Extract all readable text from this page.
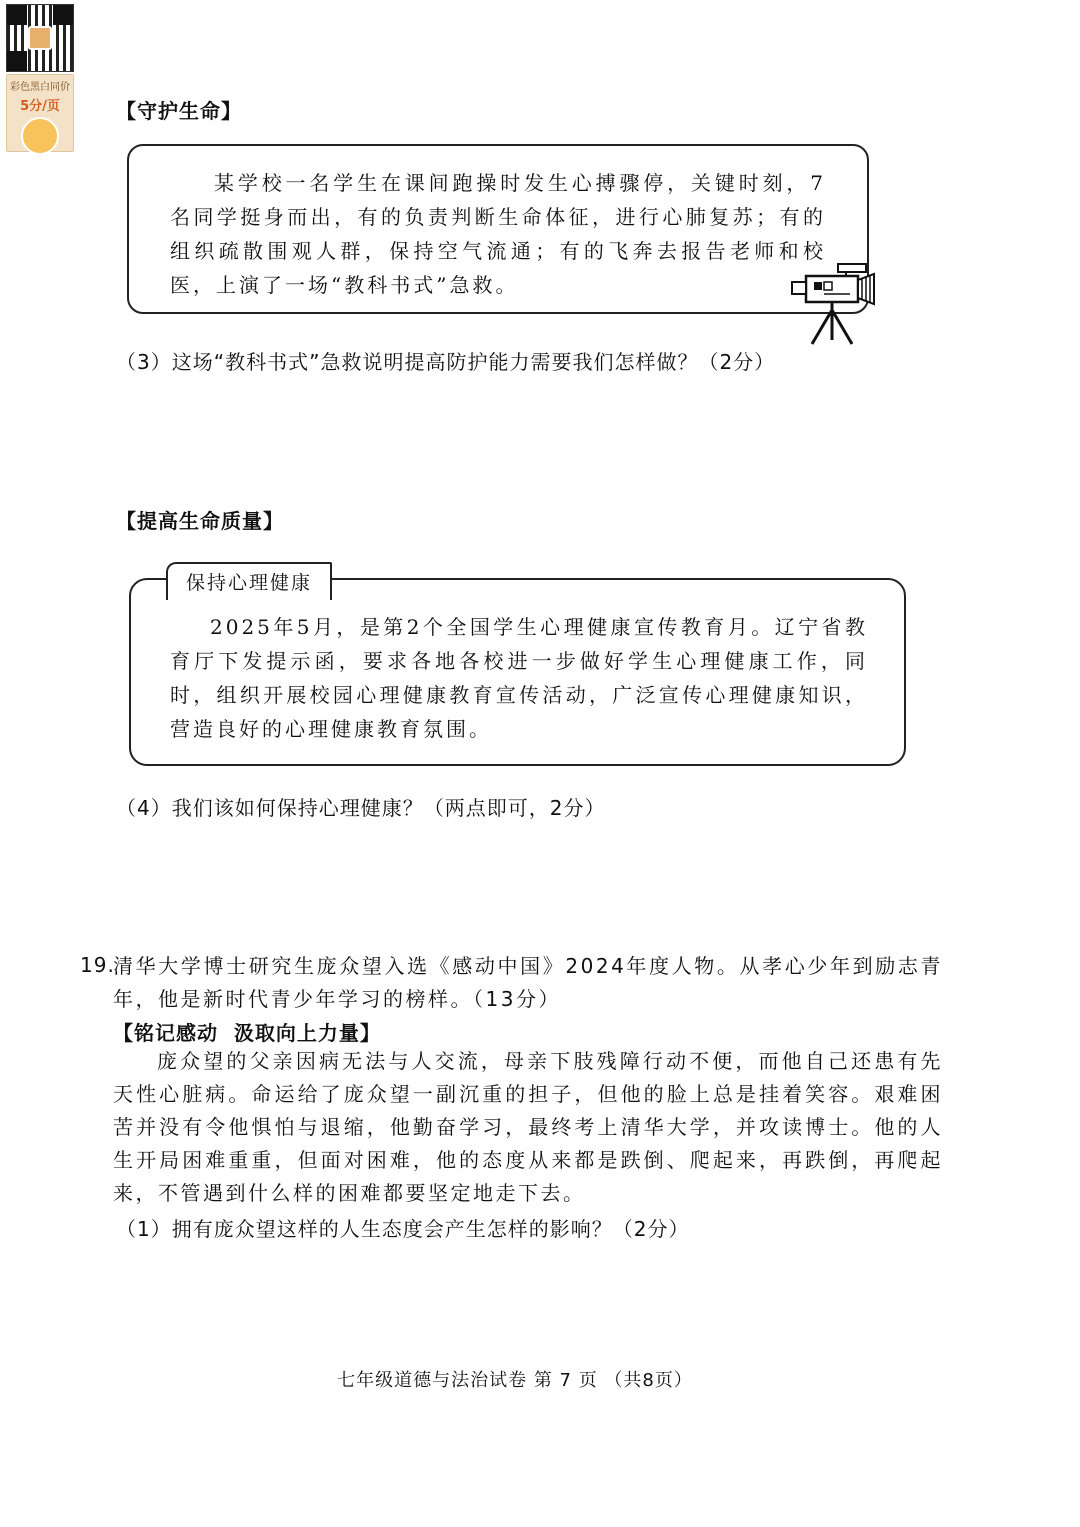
彩色黑白同价
5分/页	【守护生命】
某学校一名学生在课间跑操时发生心搏骤停，关键时刻，7名同学挺身而出，有的负责判断生命体征，进行心肺复苏；有的组织疏散围观人群，保持空气流通；有的飞奔去报告老师和校医，上演了一场“教科书式”急救。
（3）这场“教科书式”急救说明提高防护能力需要我们怎样做？（2分）
【提高生命质量】
保持心理健康
2025年5月，是第2个全国学生心理健康宣传教育月。辽宁省教育厅下发提示函，要求各地各校进一步做好学生心理健康工作，同时，组织开展校园心理健康教育宣传活动，广泛宣传心理健康知识，营造良好的心理健康教育氛围。
（4）我们该如何保持心理健康？（两点即可，2分）
19.
清华大学博士研究生庞众望入选《感动中国》2024年度人物。从孝心少年到励志青年，他是新时代青少年学习的榜样。（13分）
【铭记感动  汲取向上力量】
庞众望的父亲因病无法与人交流，母亲下肢残障行动不便，而他自己还患有先天性心脏病。命运给了庞众望一副沉重的担子，但他的脸上总是挂着笑容。艰难困苦并没有令他惧怕与退缩，他勤奋学习，最终考上清华大学，并攻读博士。他的人生开局困难重重，但面对困难，他的态度从来都是跌倒、爬起来，再跌倒，再爬起来，不管遇到什么样的困难都要坚定地走下去。
（1）拥有庞众望这样的人生态度会产生怎样的影响？（2分）
七年级道德与法治试卷 第 7 页 （共8页）
